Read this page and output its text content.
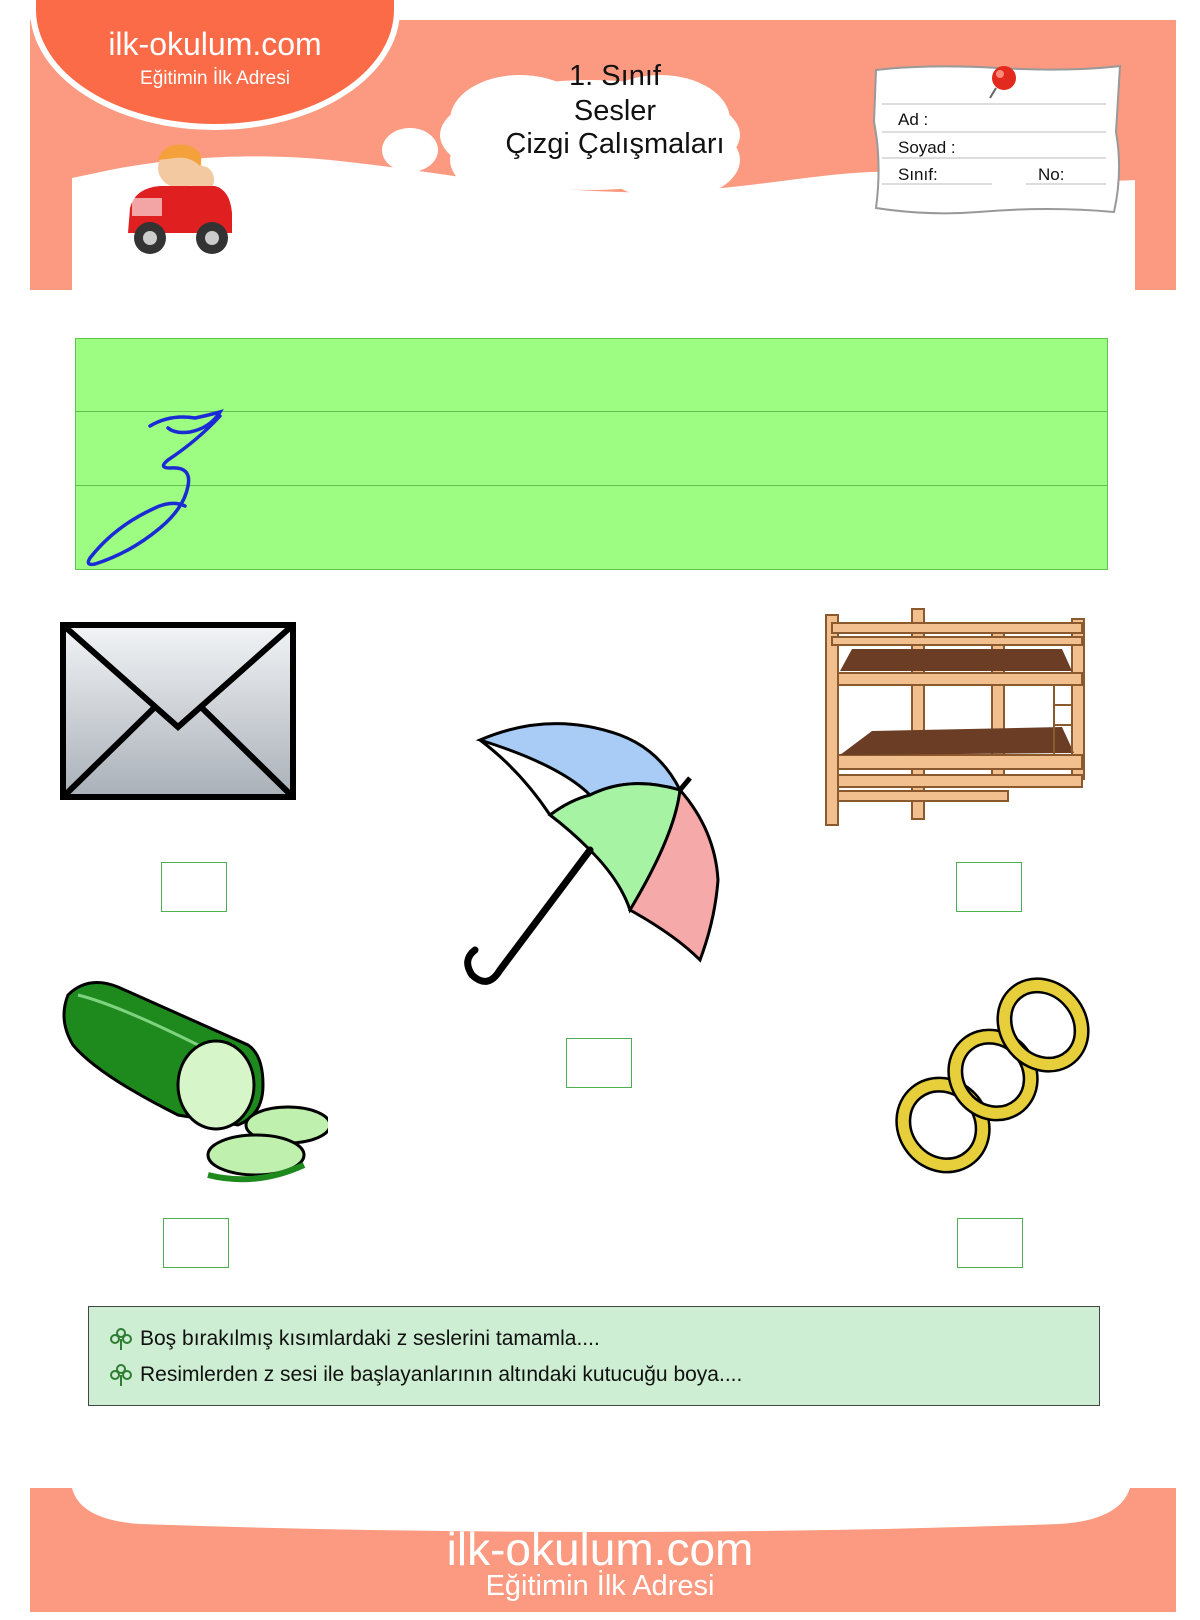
ilk-okulum.com
Eğitimin İlk Adresi	1. Sınıf
Sesler
Çizgi Çalışmaları
Ad :
Soyad :
Sınıf:	No:
Boş bırakılmış kısımlardaki z seslerini tamamla....
Resimlerden z sesi ile başlayanlarının altındaki kutucuğu boya....
ilk-okulum.com
Eğitimin İlk Adresi
